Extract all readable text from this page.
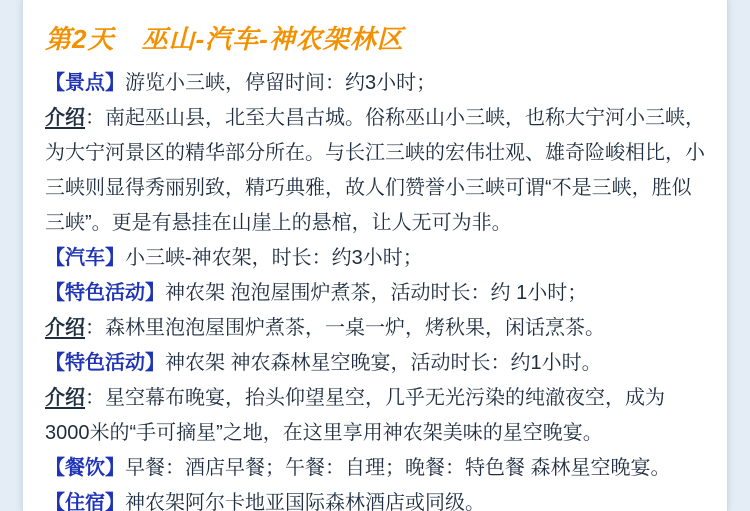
第2天　巫山-汽车-神农架林区

【景点】游览小三峡，停留时间：约3小时；

介绍：南起巫山县，北至大昌古城。俗称巫山小三峡，也称大宁河小三峡，为大宁河景区的精华部分所在。与长江三峡的宏伟壮观、雄奇险峻相比，小三峡则显得秀丽别致，精巧典雅，故人们赞誉小三峡可谓“不是三峡，胜似三峡”。更是有悬挂在山崖上的悬棺，让人无可为非。

【汽车】小三峡-神农架，时长：约3小时；

【特色活动】神农架 泡泡屋围炉煮茶，活动时长：约 1小时；

介绍：森林里泡泡屋围炉煮茶，一桌一炉，烤秋果，闲话烹茶。

【特色活动】神农架 神农森林星空晚宴，活动时长：约1小时。

介绍：星空幕布晚宴，抬头仰望星空，几乎无光污染的纯澈夜空，成为3000米的“手可摘星”之地，在这里享用神农架美味的星空晚宴。

【餐饮】早餐：酒店早餐；午餐：自理；晚餐：特色餐 森林星空晚宴。

【住宿】神农架阿尔卡地亚国际森林酒店或同级。
